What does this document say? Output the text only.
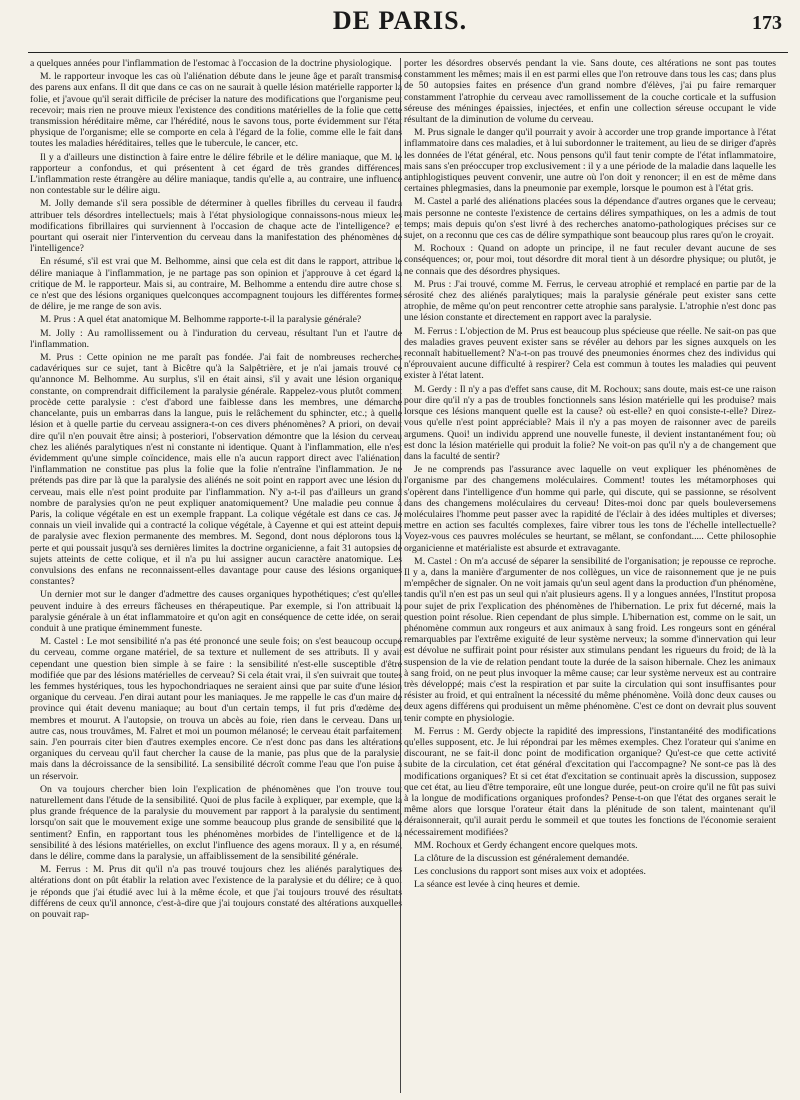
DE PARIS.	173

a quelques années pour l'inflammation de l'estomac à l'occasion de la doctrine physiologique.

M. le rapporteur invoque les cas où l'aliénation débute dans le jeune âge et paraît transmise des parens aux enfans. Il dit que dans ce cas on ne saurait à quelle lésion matérielle rapporter la folie, et j'avoue qu'il serait difficile de préciser la nature des modifications que l'organisme peut recevoir; mais rien ne prouve mieux l'existence des conditions matérielles de la folie que cette transmission héréditaire même, car l'hérédité, nous le savons tous, porte évidemment sur l'état physique de l'organisme; elle se comporte en cela à l'égard de la folie, comme elle le fait dans toutes les maladies héréditaires, telles que le tubercule, le cancer, etc.

Il y a d'ailleurs une distinction à faire entre le délire fébrile et le délire maniaque, que M. le rapporteur a confondus, et qui présentent à cet égard de très grandes différences. L'inflammation reste étrangère au délire maniaque, tandis qu'elle a, au contraire, une influence non contestable sur le délire aigu.

M. Jolly demande s'il sera possible de déterminer à quelles fibrilles du cerveau il faudra attribuer tels désordres intellectuels; mais à l'état physiologique connaissons-nous mieux les modifications fibrillaires qui surviennent à l'occasion de chaque acte de l'intelligence? et pourtant qui oserait nier l'intervention du cerveau dans la manifestation des phénomènes de l'intelligence?

En résumé, s'il est vrai que M. Belhomme, ainsi que cela est dit dans le rapport, attribue le délire maniaque à l'inflammation, je ne partage pas son opinion et j'approuve à cet égard la critique de M. le rapporteur. Mais si, au contraire, M. Belhomme a entendu dire autre chose si ce n'est que des lésions organiques quelconques accompagnent toujours les différentes formes de délire, je me range de son avis.

M. Prus : A quel état anatomique M. Belhomme rapporte-t-il la paralysie générale?

M. Jolly : Au ramollissement ou à l'induration du cerveau, résultant l'un et l'autre de l'inflammation.

M. Prus : Cette opinion ne me paraît pas fondée. J'ai fait de nombreuses recherches cadavériques sur ce sujet, tant à Bicêtre qu'à la Salpêtrière, et je n'ai jamais trouvé ce qu'annonce M. Belhomme. Au surplus, s'il en était ainsi, s'il y avait une lésion organique constante, on comprendrait difficilement la paralysie générale. Rappelez-vous plutôt comment procède cette paralysie : c'est d'abord une faiblesse dans les membres, une démarche chancelante, puis un embarras dans la langue, puis le relâchement du sphincter, etc.; à quelle lésion et à quelle partie du cerveau assignera-t-on ces divers phénomènes? A priori, on devait dire qu'il n'en pouvait être ainsi; à posteriori, l'observation démontre que la lésion du cerveau chez les aliénés paralytiques n'est ni constante ni identique. Quant à l'inflammation, elle n'est évidemment qu'une simple coïncidence, mais elle n'a aucun rapport direct avec l'aliénation; l'inflammation ne constitue pas plus la folie que la folie n'entraîne l'inflammation. Je ne prétends pas dire par là que la paralysie des aliénés ne soit point en rapport avec une lésion du cerveau, mais elle n'est point produite par l'inflammation. N'y a-t-il pas d'ailleurs un grand nombre de paralysies qu'on ne peut expliquer anatomiquement? Une maladie peu connue à Paris, la colique végétale en est un exemple frappant. La colique végétale est dans ce cas. Je connais un vieil invalide qui a contracté la colique végétale, à Cayenne et qui est atteint depuis de paralysie avec flexion permanente des membres. M. Segond, dont nous déplorons tous la perte et qui poussait jusqu'à ses dernières limites la doctrine organicienne, a fait 31 autopsies de sujets atteints de cette colique, et il n'a pu lui assigner aucun caractère anatomique. Les convulsions des enfans ne reconnaissent-elles davantage pour cause des lésions organiques constantes?

Un dernier mot sur le danger d'admettre des causes organiques hypothétiques; c'est qu'elles peuvent induire à des erreurs fâcheuses en thérapeutique. Par exemple, si l'on attribuait la paralysie générale à un état inflammatoire et qu'on agit en conséquence de cette idée, on serait conduit à une pratique éminemment funeste.

M. Castel : Le mot sensibilité n'a pas été prononcé une seule fois; on s'est beaucoup occupé du cerveau, comme organe matériel, de sa texture et nullement de ses attributs. Il y avait cependant une question bien simple à se faire : la sensibilité n'est-elle susceptible d'être modifiée que par des lésions matérielles de cerveau? Si cela était vrai, il s'en suivrait que toutes les femmes hystériques, tous les hypochondriaques ne seraient ainsi que par suite d'une lésion organique du cerveau. J'en dirai autant pour les maniaques. Je me rappelle le cas d'un maire de province qui était devenu maniaque; au bout d'un certain temps, il fut pris d'œdème des membres et mourut. A l'autopsie, on trouva un abcès au foie, rien dans le cerveau. Dans un autre cas, nous trouvâmes, M. Falret et moi un poumon mélanosé; le cerveau était parfaitement sain. J'en pourrais citer bien d'autres exemples encore. Ce n'est donc pas dans les altérations organiques du cerveau qu'il faut chercher la cause de la manie, pas plus que de la paralysie; mais dans la décroissance de la sensibilité. La sensibilité décroît comme l'eau que l'on puise à un réservoir.

On va toujours chercher bien loin l'explication de phénomènes que l'on trouve tout naturellement dans l'étude de la sensibilité. Quoi de plus facile à expliquer, par exemple, que la plus grande fréquence de la paralysie du mouvement par rapport à la paralysie du sentiment, lorsqu'on sait que le mouvement exige une somme beaucoup plus grande de sensibilité que le sentiment? Enfin, en rapportant tous les phénomènes morbides de l'intelligence et de la sensibilité à des lésions matérielles, on exclut l'influence des agens moraux. Il y a, en résumé, dans le délire, comme dans la paralysie, un affaiblissement de la sensibilité générale.

M. Ferrus : M. Prus dit qu'il n'a pas trouvé toujours chez les aliénés paralytiques des altérations dont on pût établir la relation avec l'existence de la paralysie et du délire; ce à quoi je réponds que j'ai étudié avec lui à la même école, et que j'ai toujours trouvé des résultats différens de ceux qu'il annonce, c'est-à-dire que j'ai toujours constaté des altérations auxquelles on pouvait rap-

porter les désordres observés pendant la vie. Sans doute, ces altérations ne sont pas toutes constamment les mêmes; mais il en est parmi elles que l'on retrouve dans tous les cas; dans plus de 50 autopsies faites en présence d'un grand nombre d'élèves, j'ai pu faire remarquer constamment l'atrophie du cerveau avec ramollissement de la couche corticale et la suffusion séreuse des méninges épaissies, injectées, et enfin une collection séreuse occupant le vide résultant de la diminution de volume du cerveau.

M. Prus signale le danger qu'il pourrait y avoir à accorder une trop grande importance à l'état inflammatoire dans ces maladies, et à lui subordonner le traitement, au lieu de se diriger d'après les données de l'état général, etc. Nous pensons qu'il faut tenir compte de l'état inflammatoire, mais sans s'en préoccuper trop exclusivement : il y a une période de la maladie dans laquelle les antiphlogistiques peuvent convenir, une autre où l'on doit y renoncer; il en est de même dans certaines phlegmasies, dans la pneumonie par exemple, lorsque le poumon est à l'état gris.

M. Castel a parlé des aliénations placées sous la dépendance d'autres organes que le cerveau; mais personne ne conteste l'existence de certains délires sympathiques, on les a admis de tout temps; mais depuis qu'on s'est livré à des recherches anatomo-pathologiques précises sur ce sujet, on a reconnu que ces cas de délire sympathique sont beaucoup plus rares qu'on le croyait.

M. Rochoux : Quand on adopte un principe, il ne faut reculer devant aucune de ses conséquences; or, pour moi, tout désordre dit moral tient à un désordre physique; ou plutôt, je ne connais que des désordres physiques.

M. Prus : J'ai trouvé, comme M. Ferrus, le cerveau atrophié et remplacé en partie par de la sérosité chez des aliénés paralytiques; mais la paralysie générale peut exister sans cette atrophie, de même qu'on peut rencontrer cette atrophie sans paralysie. L'atrophie n'est donc pas une lésion constante et directement en rapport avec la paralysie.

M. Ferrus : L'objection de M. Prus est beaucoup plus spécieuse que réelle. Ne sait-on pas que des maladies graves peuvent exister sans se révéler au dehors par les signes auxquels on les reconnaît habituellement? N'a-t-on pas trouvé des pneumonies énormes chez des individus qui n'éprouvaient aucune difficulté à respirer? Cela est commun à toutes les maladies qui peuvent exister à l'état latent.

M. Gerdy : Il n'y a pas d'effet sans cause, dit M. Rochoux; sans doute, mais est-ce une raison pour dire qu'il n'y a pas de troubles fonctionnels sans lésion matérielle qui les produise? mais lorsque ces lésions manquent quelle est la cause? où est-elle? en quoi consiste-t-elle? Direz-vous qu'elle n'est point appréciable? Mais il n'y a pas moyen de raisonner avec de pareils argumens. Quoi! un individu apprend une nouvelle funeste, il devient instantanément fou; où est donc la lésion matérielle qui produit la folie? Ne voit-on pas qu'il n'y a de changement que dans la faculté de sentir?

Je ne comprends pas l'assurance avec laquelle on veut expliquer les phénomènes de l'organisme par des changemens moléculaires. Comment! toutes les métamorphoses qui s'opèrent dans l'intelligence d'un homme qui parle, qui discute, qui se passionne, se résolvent dans des changemens moléculaires du cerveau! Dites-moi donc par quels bouleversemens moléculaires l'homme peut passer avec la rapidité de l'éclair à des idées multiples et diverses; mettre en action ses facultés complexes, faire vibrer tous les tons de l'échelle intellectuelle? Voyez-vous ces pauvres molécules se heurtant, se mêlant, se confondant..... Cette philosophie organicienne et matérialiste est absurde et extravagante.

M. Castel : On m'a accusé de séparer la sensibilité de l'organisation; je repousse ce reproche. Il y a, dans la manière d'argumenter de nos collègues, un vice de raisonnement que je ne puis m'empêcher de signaler. On ne voit jamais qu'un seul agent dans la production d'un phénomène, tandis qu'il n'en est pas un seul qui n'ait plusieurs agens. Il y a longues années, l'Institut proposa pour sujet de prix l'explication des phénomènes de l'hibernation. Le prix fut décerné, mais la question point résolue. Rien cependant de plus simple. L'hibernation est, comme on le sait, un phénomène commun aux rongeurs et aux animaux à sang froid. Les rongeurs sont en général remarquables par l'extrême exiguité de leur système nerveux; la somme d'innervation qui leur est dévolue ne suffirait point pour résister aux stimulans pendant les rigueurs du froid; de là la suspension de la vie de relation pendant toute la durée de la saison hibernale. Chez les animaux à sang froid, on ne peut plus invoquer la même cause; car leur système nerveux est au contraire très développé; mais c'est la respiration et par suite la circulation qui sont insuffisantes pour résister au froid, et qui entraînent la nécessité du même phénomène. Voilà donc deux causes ou deux agens différens qui produisent un même phénomène. C'est ce dont on devrait plus souvent tenir compte en physiologie.

M. Ferrus : M. Gerdy objecte la rapidité des impressions, l'instantanéité des modifications qu'elles supposent, etc. Je lui répondrai par les mêmes exemples. Chez l'orateur qui s'anime en discourant, ne se fait-il donc point de modification organique? Qu'est-ce que cette activité subite de la circulation, cet état général d'excitation qui l'accompagne? Ne sont-ce pas là des modifications organiques? Et si cet état d'excitation se continuait après la discussion, supposez que cet état, au lieu d'être temporaire, eût une longue durée, peut-on croire qu'il ne fût pas suivi à la longue de modifications organiques profondes? Pense-t-on que l'état des organes serait le même alors que lorsque l'orateur était dans la plénitude de son talent, maintenant qu'il déraisonnerait, qu'il aurait perdu le sommeil et que toutes les fonctions de l'économie seraient nécessairement modifiées?

MM. Rochoux et Gerdy échangent encore quelques mots.

La clôture de la discussion est généralement demandée.

Les conclusions du rapport sont mises aux voix et adoptées.

La séance est levée à cinq heures et demie.
